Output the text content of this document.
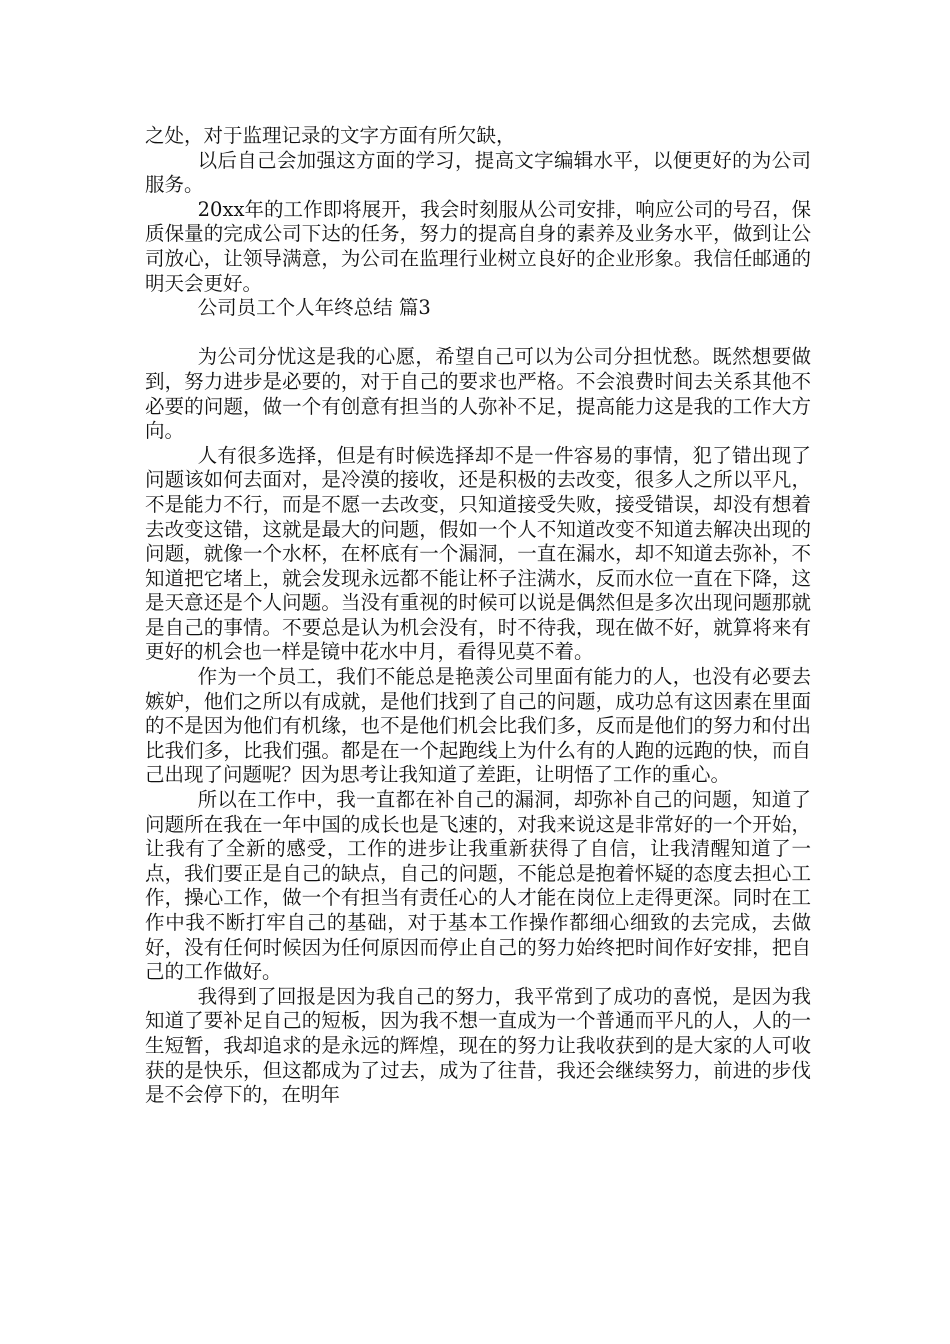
之处，对于监理记录的文字方面有所欠缺，

以后自己会加强这方面的学习，提高文字编辑水平，以便更好的为公司服务。

20xx年的工作即将展开，我会时刻服从公司安排，响应公司的号召，保质保量的完成公司下达的任务，努力的提高自身的素养及业务水平，做到让公司放心，让领导满意，为公司在监理行业树立良好的企业形象。我信任邮通的明天会更好。

公司员工个人年终总结 篇3

为公司分忧这是我的心愿，希望自己可以为公司分担忧愁。既然想要做到，努力进步是必要的，对于自己的要求也严格。不会浪费时间去关系其他不必要的问题，做一个有创意有担当的人弥补不足，提高能力这是我的工作大方向。

人有很多选择，但是有时候选择却不是一件容易的事情，犯了错出现了问题该如何去面对，是冷漠的接收，还是积极的去改变，很多人之所以平凡，不是能力不行，而是不愿一去改变，只知道接受失败，接受错误，却没有想着去改变这错，这就是最大的问题，假如一个人不知道改变不知道去解决出现的问题，就像一个水杯，在杯底有一个漏洞，一直在漏水，却不知道去弥补，不知道把它堵上，就会发现永远都不能让杯子注满水，反而水位一直在下降，这是天意还是个人问题。当没有重视的时候可以说是偶然但是多次出现问题那就是自己的事情。不要总是认为机会没有，时不待我，现在做不好，就算将来有更好的机会也一样是镜中花水中月，看得见莫不着。

作为一个员工，我们不能总是艳羡公司里面有能力的人，也没有必要去嫉妒，他们之所以有成就，是他们找到了自己的问题，成功总有这因素在里面的不是因为他们有机缘，也不是他们机会比我们多，反而是他们的努力和付出比我们多，比我们强。都是在一个起跑线上为什么有的人跑的远跑的快，而自己出现了问题呢？因为思考让我知道了差距，让明悟了工作的重心。

所以在工作中，我一直都在补自己的漏洞，却弥补自己的问题，知道了问题所在我在一年中国的成长也是飞速的，对我来说这是非常好的一个开始，让我有了全新的感受，工作的进步让我重新获得了自信，让我清醒知道了一点，我们要正是自己的缺点，自己的问题，不能总是抱着怀疑的态度去担心工作，操心工作，做一个有担当有责任心的人才能在岗位上走得更深。同时在工作中我不断打牢自己的基础，对于基本工作操作都细心细致的去完成，去做好，没有任何时候因为任何原因而停止自己的努力始终把时间作好安排，把自己的工作做好。

我得到了回报是因为我自己的努力，我平常到了成功的喜悦，是因为我知道了要补足自己的短板，因为我不想一直成为一个普通而平凡的人，人的一生短暂，我却追求的是永远的辉煌，现在的努力让我收获到的是大家的人可收获的是快乐，但这都成为了过去，成为了往昔，我还会继续努力，前进的步伐是不会停下的，在明年
